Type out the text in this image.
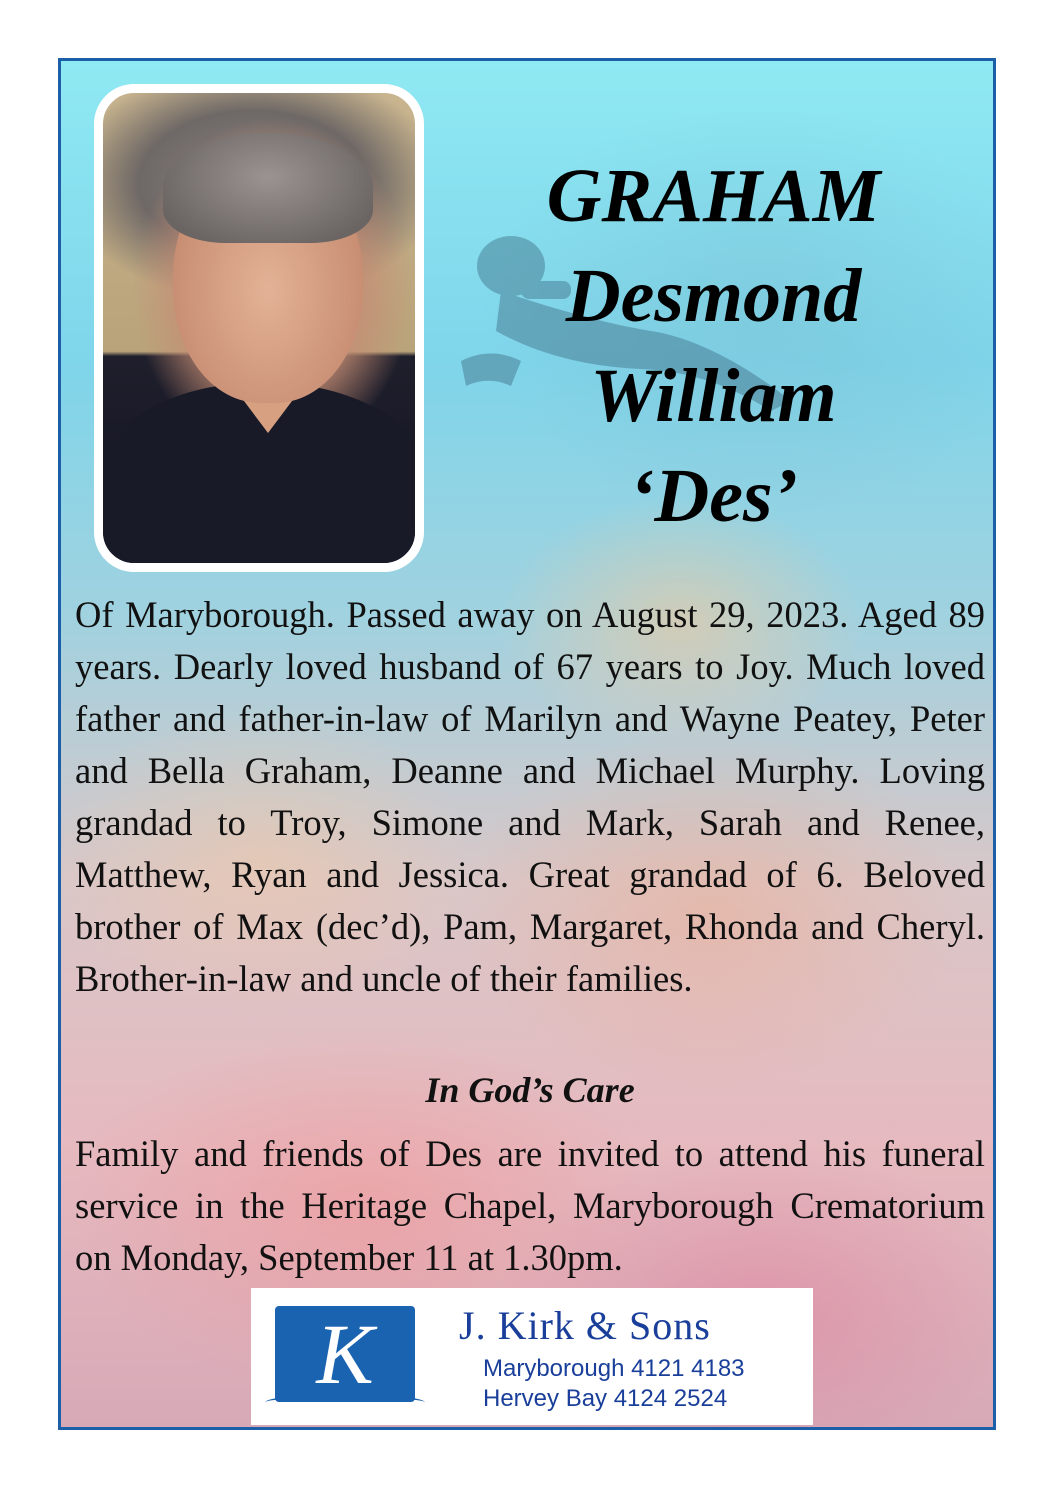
GRAHAM
Desmond
William
‘Des’
Of Maryborough. Passed away on August 29, 2023. Aged 89 years. Dearly loved husband of 67 years to Joy. Much loved father and father-in-law of Marilyn and Wayne Peatey, Peter and Bella Graham, Deanne and Michael Murphy. Loving grandad to Troy, Simone and Mark, Sarah and Renee, Matthew, Ryan and Jessica. Great grandad of 6. Beloved brother of Max (dec’d), Pam, Margaret, Rhonda and Cheryl. Brother-in-law and uncle of their families.
In God’s Care
Family and friends of Des are invited to attend his funeral service in the Heritage Chapel, Maryborough Crematorium on Monday, September 11 at 1.30pm.
K	J. Kirk & Sons
Maryborough 4121 4183
Hervey Bay 4124 2524
